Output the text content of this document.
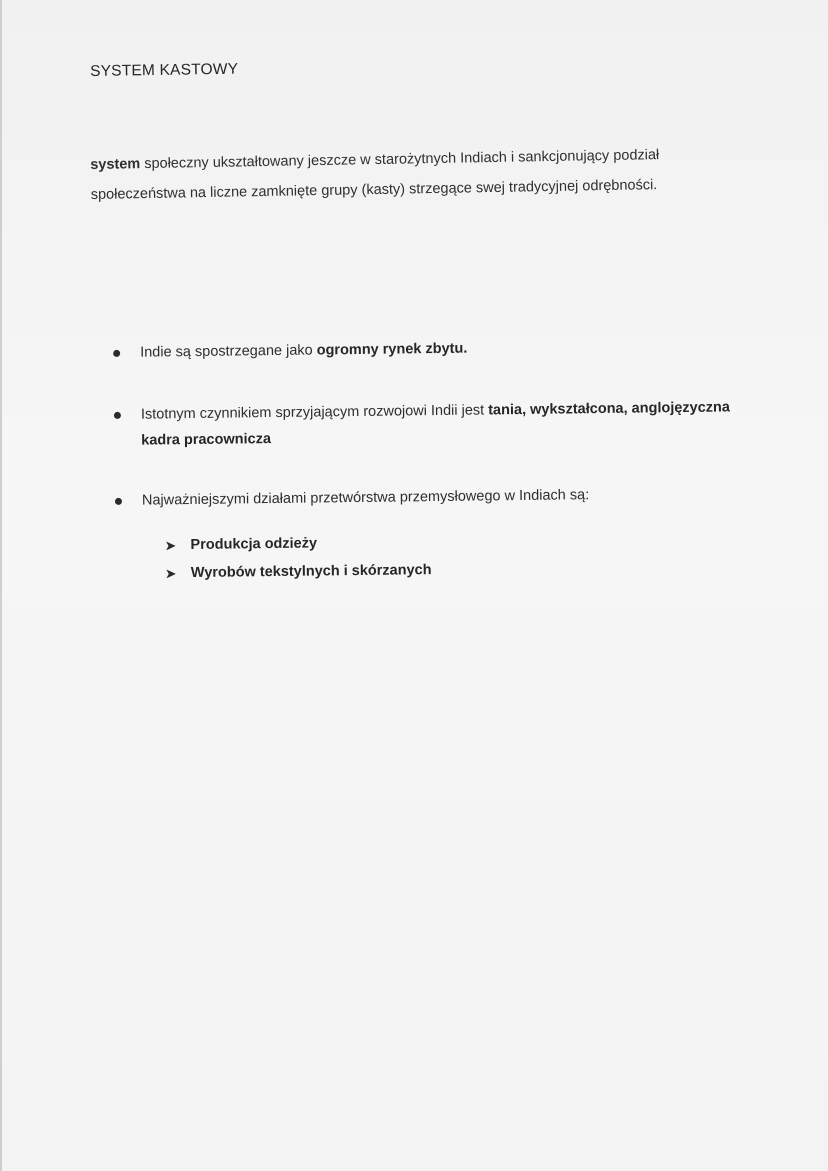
SYSTEM KASTOWY

system społeczny ukształtowany jeszcze w starożytnych Indiach i sankcjonujący podział społeczeństwa na liczne zamknięte grupy (kasty) strzegące swej tradycyjnej odrębności.

Indie są spostrzegane jako ogromny rynek zbytu.
Istotnym czynnikiem sprzyjającym rozwojowi Indii jest tania, wykształcona, anglojęzyczna kadra pracownicza
Najważniejszymi działami przetwórstwa przemysłowego w Indiach są:
➤ Produkcja odzieży
➤ Wyrobów tekstylnych i skórzanych
